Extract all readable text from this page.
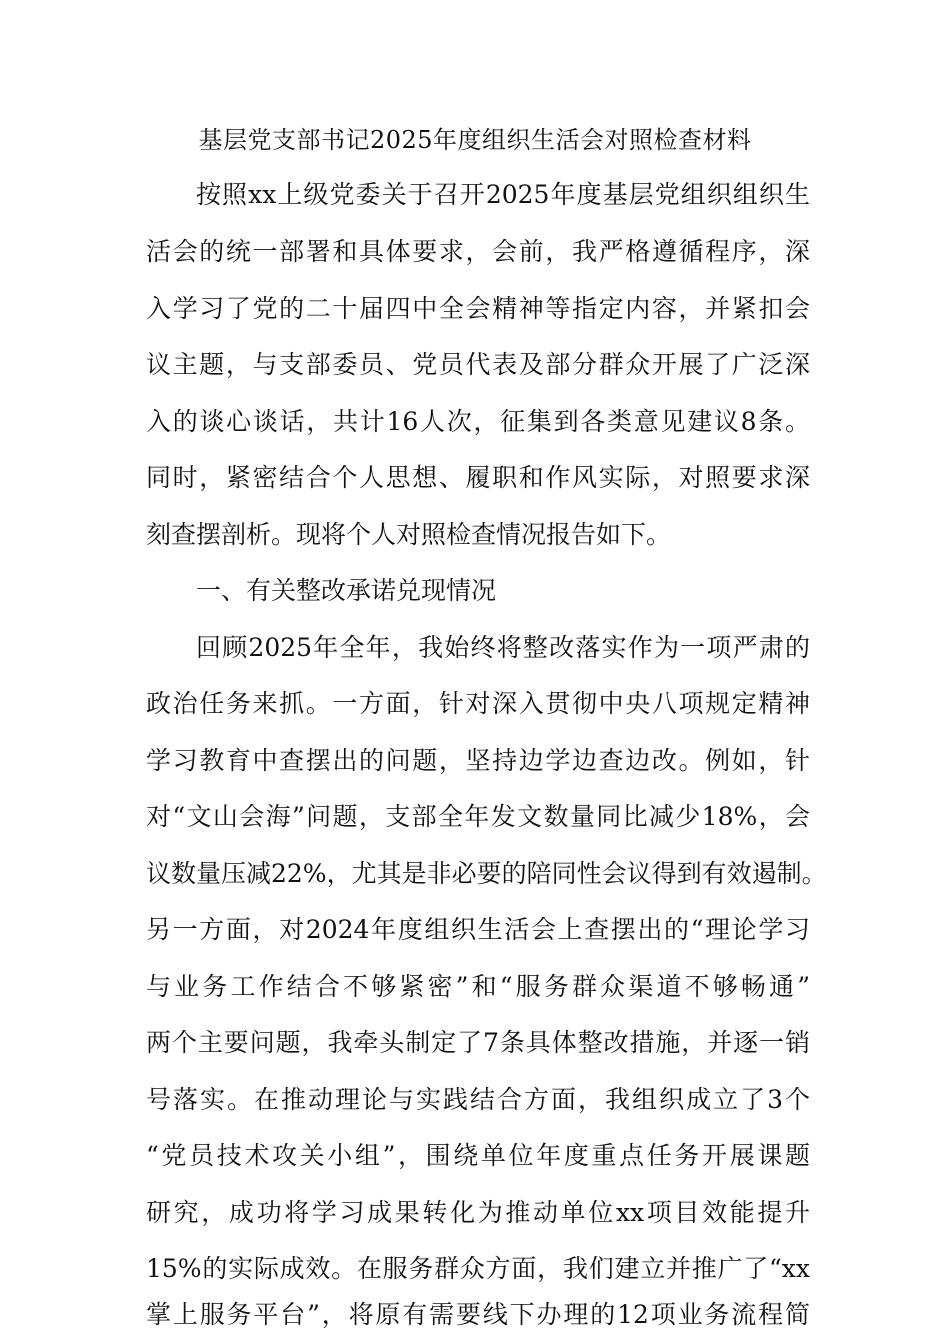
基层党支部书记2025年度组织生活会对照检查材料
按照xx上级党委关于召开2025年度基层党组织组织生
活会的统一部署和具体要求，会前，我严格遵循程序，深
入学习了党的二十届四中全会精神等指定内容，并紧扣会
议主题，与支部委员、党员代表及部分群众开展了广泛深
入的谈心谈话，共计16人次，征集到各类意见建议8条。
同时，紧密结合个人思想、履职和作风实际，对照要求深
刻查摆剖析。现将个人对照检查情况报告如下。
一、有关整改承诺兑现情况
回顾2025年全年，我始终将整改落实作为一项严肃的
政治任务来抓。一方面，针对深入贯彻中央八项规定精神
学习教育中查摆出的问题，坚持边学边查边改。例如，针
对“文山会海”问题，支部全年发文数量同比减少18%，会
议数量压减22%，尤其是非必要的陪同性会议得到有效遏制。
另一方面，对2024年度组织生活会上查摆出的“理论学习
与业务工作结合不够紧密”和“服务群众渠道不够畅通”
两个主要问题，我牵头制定了7条具体整改措施，并逐一销
号落实。在推动理论与实践结合方面，我组织成立了3个
“党员技术攻关小组”，围绕单位年度重点任务开展课题
研究，成功将学习成果转化为推动单位xx项目效能提升
15%的实际成效。在服务群众方面，我们建立并推广了“xx
掌上服务平台”，将原有需要线下办理的12项业务流程简
